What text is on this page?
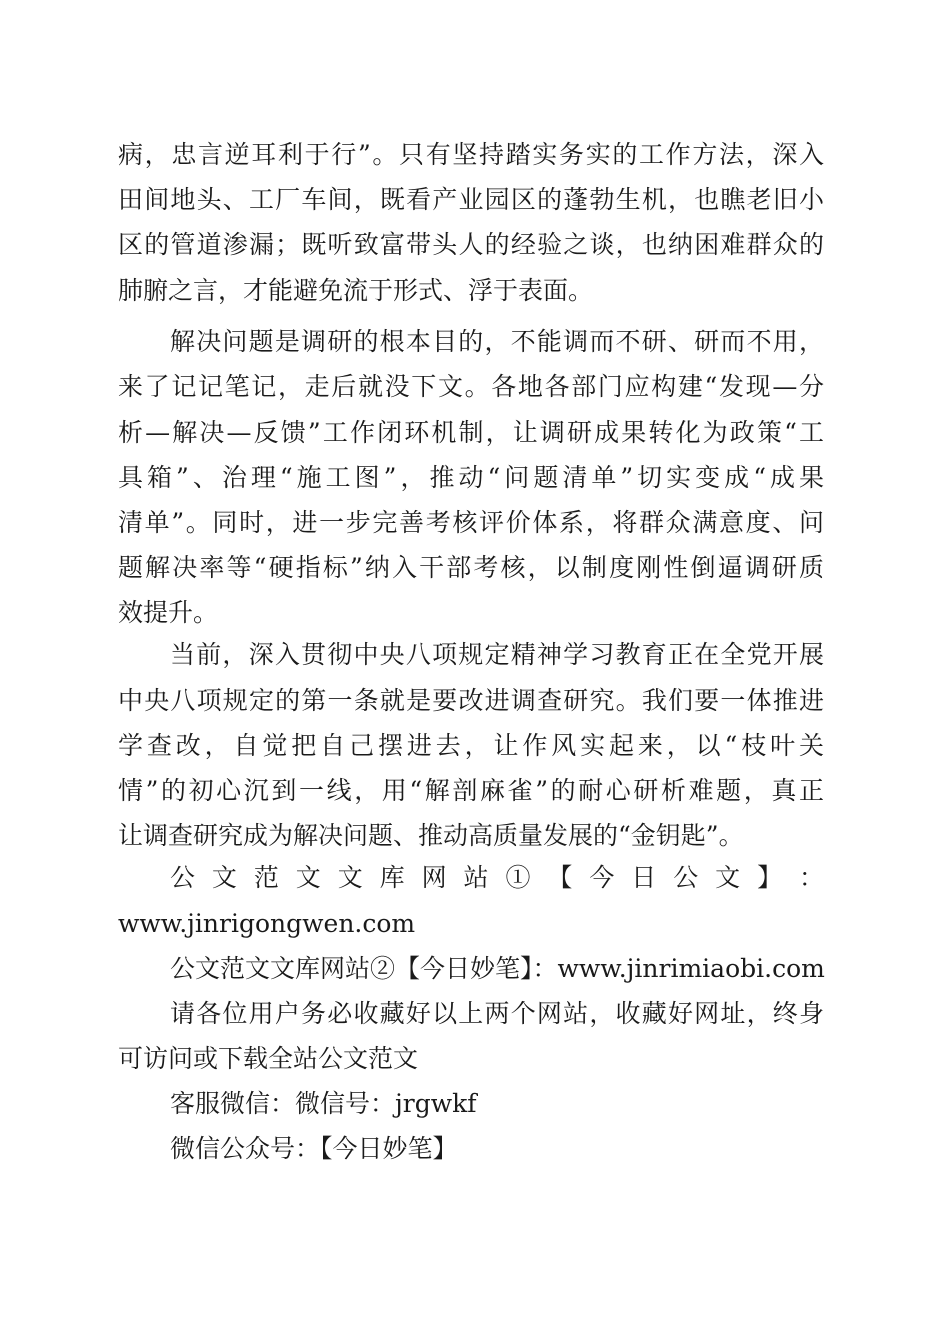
病，忠言逆耳利于行”。只有坚持踏实务实的工作方法，深入
田间地头、工厂车间，既看产业园区的蓬勃生机，也瞧老旧小
区的管道渗漏；既听致富带头人的经验之谈，也纳困难群众的
肺腑之言，才能避免流于形式、浮于表面。
解决问题是调研的根本目的，不能调而不研、研而不用，
来了记记笔记，走后就没下文。各地各部门应构建“发现—分
析—解决—反馈”工作闭环机制，让调研成果转化为政策“工
具箱”、治理“施工图”，推动“问题清单”切实变成“成果
清单”。同时，进一步完善考核评价体系，将群众满意度、问
题解决率等“硬指标”纳入干部考核，以制度刚性倒逼调研质
效提升。
当前，深入贯彻中央八项规定精神学习教育正在全党开展
中央八项规定的第一条就是要改进调查研究。我们要一体推进
学查改，自觉把自己摆进去，让作风实起来，以“枝叶关
情”的初心沉到一线，用“解剖麻雀”的耐心研析难题，真正
让调查研究成为解决问题、推动高质量发展的“金钥匙”。
公 文 范 文 文 库 网 站 ① 【 今 日 公 文 】 ：
www.jinrigongwen.com
公文范文文库网站②【今日妙笔】：www.jinrimiaobi.com
请各位用户务必收藏好以上两个网站，收藏好网址，终身
可访问或下载全站公文范文
客服微信：微信号：jrgwkf
微信公众号：【今日妙笔】
